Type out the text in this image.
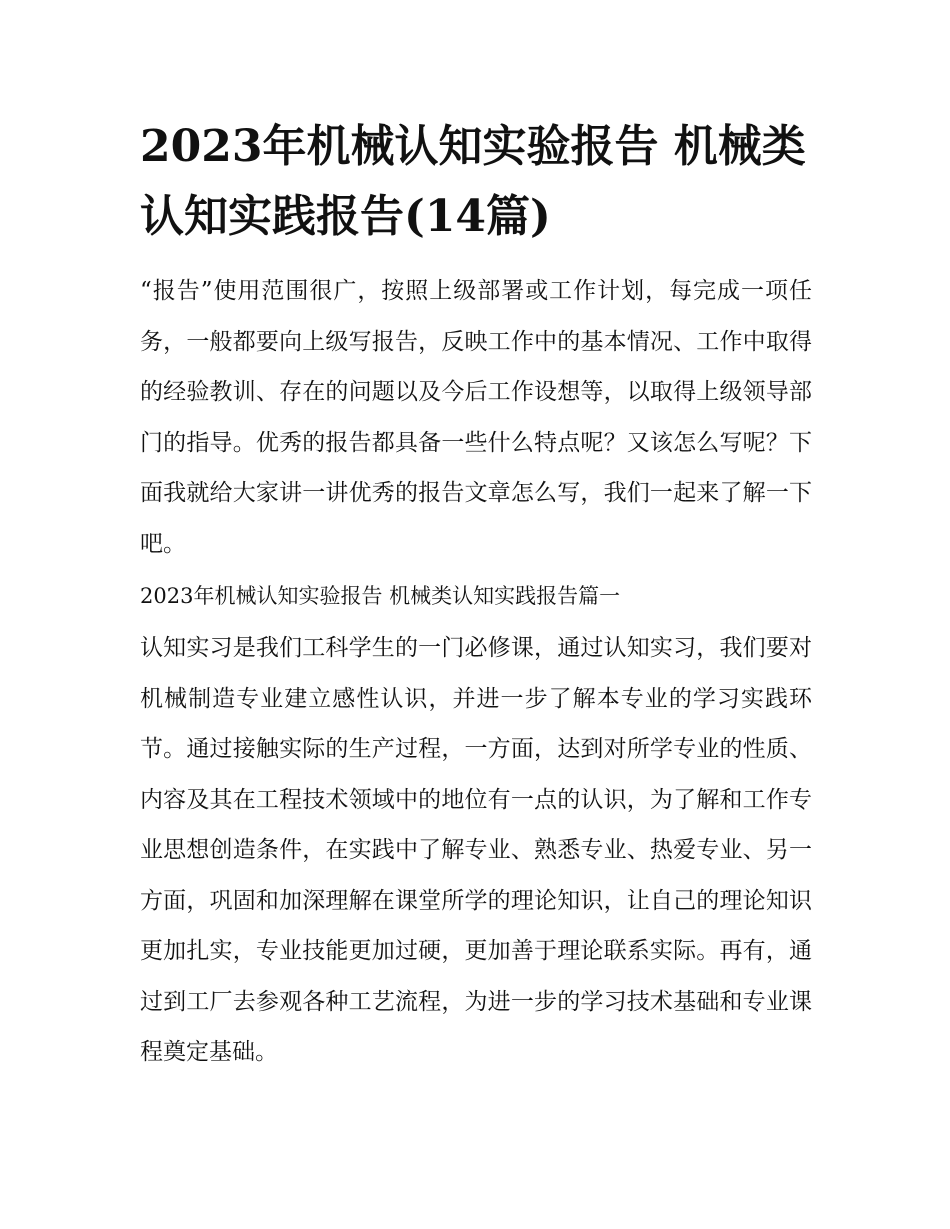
2023年机械认知实验报告 机械类认知实践报告(14篇)

“报告”使用范围很广，按照上级部署或工作计划，每完成一项任务，一般都要向上级写报告，反映工作中的基本情况、工作中取得的经验教训、存在的问题以及今后工作设想等，以取得上级领导部门的指导。优秀的报告都具备一些什么特点呢？又该怎么写呢？下面我就给大家讲一讲优秀的报告文章怎么写，我们一起来了解一下吧。

2023年机械认知实验报告 机械类认知实践报告篇一

认知实习是我们工科学生的一门必修课，通过认知实习，我们要对机械制造专业建立感性认识，并进一步了解本专业的学习实践环节。通过接触实际的生产过程，一方面，达到对所学专业的性质、内容及其在工程技术领域中的地位有一点的认识，为了解和工作专业思想创造条件，在实践中了解专业、熟悉专业、热爱专业、另一方面，巩固和加深理解在课堂所学的理论知识，让自己的理论知识更加扎实，专业技能更加过硬，更加善于理论联系实际。再有，通过到工厂去参观各种工艺流程，为进一步的学习技术基础和专业课程奠定基础。
